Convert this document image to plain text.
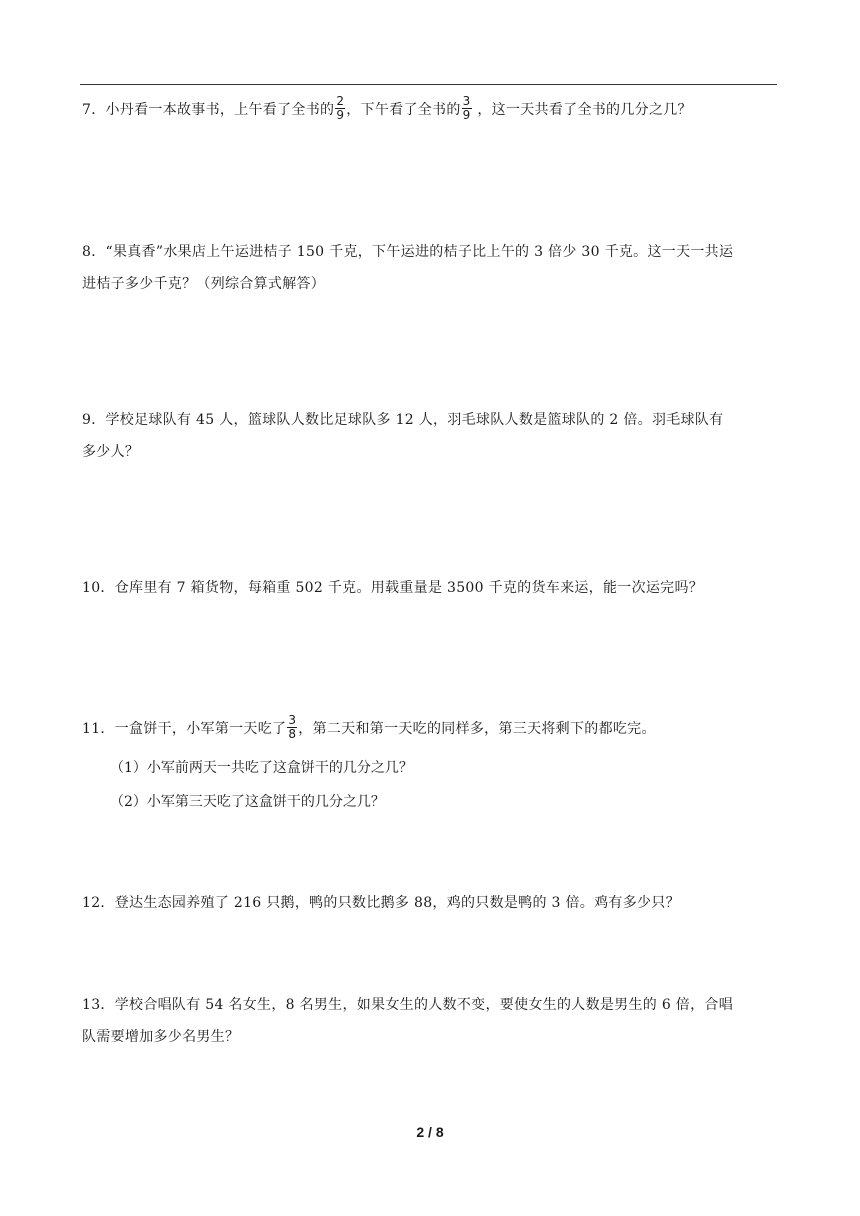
7．小丹看一本故事书，上午看了全书的 $\frac{2}{9}$ ，下午看了全书的 $\frac{3}{9}$ ，这一天共看了全书的几分之几？
8．“果真香”水果店上午运进桔子 150 千克，下午运进的桔子比上午的 3 倍少 30 千克。这一天一共运
进桔子多少千克？（列综合算式解答）
9．学校足球队有 45 人，篮球队人数比足球队多 12 人，羽毛球队人数是篮球队的 2 倍。羽毛球队有
多少人？
10．仓库里有 7 箱货物，每箱重 502 千克。用载重量是 3500 千克的货车来运，能一次运完吗？
11．一盒饼干，小军第一天吃了 $\frac{3}{8}$ ，第二天和第一天吃的同样多，第三天将剩下的都吃完。
（1）小军前两天一共吃了这盒饼干的几分之几？
（2）小军第三天吃了这盒饼干的几分之几？
12．登达生态园养殖了 216 只鹅，鸭的只数比鹅多 88，鸡的只数是鸭的 3 倍。鸡有多少只？
13．学校合唱队有 54 名女生，8 名男生，如果女生的人数不变，要使女生的人数是男生的 6 倍，合唱
队需要增加多少名男生？
2 / 8
